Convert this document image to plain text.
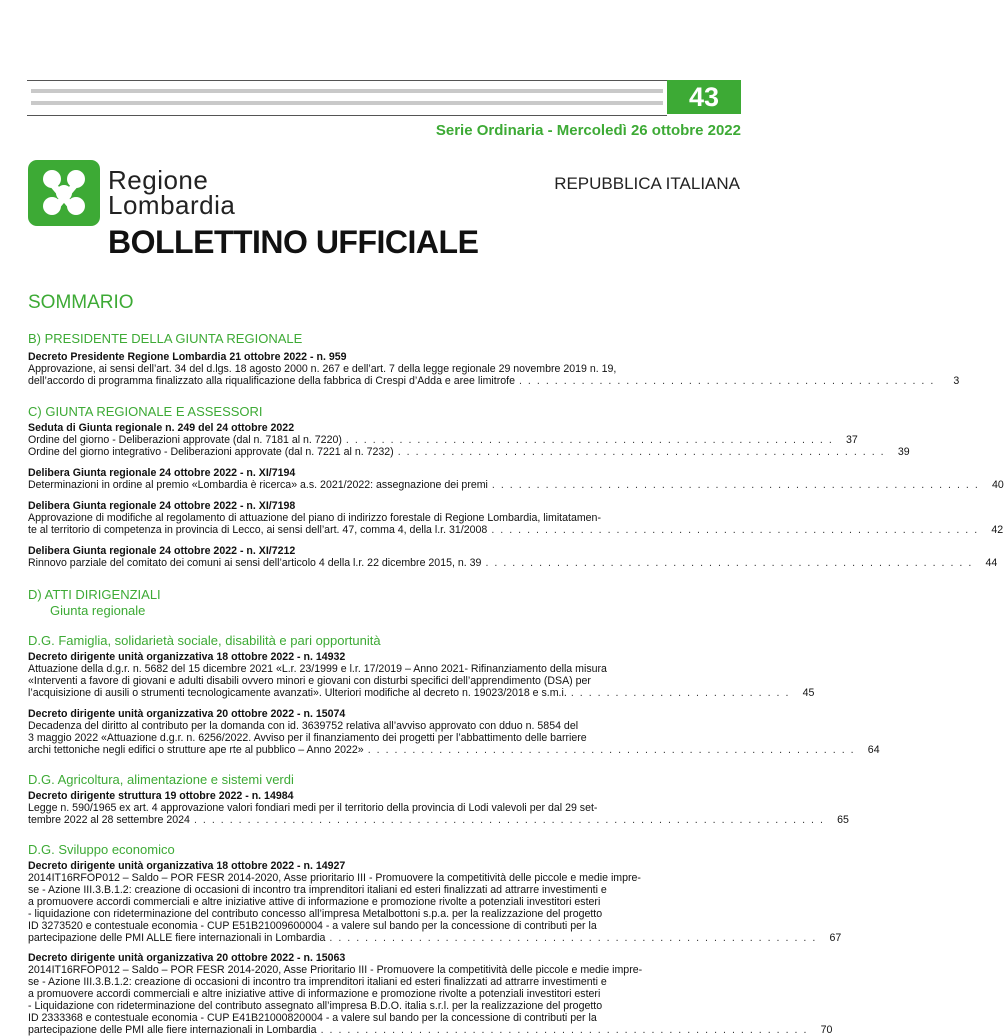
43
Serie Ordinaria - Mercoledì 26 ottobre 2022
Regione
Lombardia
REPUBBLICA ITALIANA
BOLLETTINO UFFICIALE
SOMMARIO
B) PRESIDENTE DELLA GIUNTA REGIONALE
Decreto Presidente Regione Lombardia 21 ottobre 2022 - n. 959
Approvazione, ai sensi dell’art. 34 del d.lgs. 18 agosto 2000 n. 267 e dell’art. 7 della legge regionale 29 novembre 2019 n. 19,
dell’accordo di programma finalizzato alla riqualificazione della fabbrica di Crespi d’Adda e aree limitrofe ...............................................	3
C) GIUNTA REGIONALE E ASSESSORI
Seduta di Giunta regionale n. 249 del 24 ottobre 2022
Ordine del giorno - Deliberazioni approvate (dal n. 7181 al n. 7220) ....................................................... 37
Ordine del giorno integrativo - Deliberazioni approvate (dal n. 7221 al n. 7232) ....................................................... 39
Delibera Giunta regionale 24 ottobre 2022 - n. XI/7194
Determinazioni in ordine al premio «Lombardia è ricerca» a.s. 2021/2022: assegnazione dei premi ....................................................... 40
Delibera Giunta regionale 24 ottobre 2022 - n. XI/7198
Approvazione di modifiche al regolamento di attuazione del piano di indirizzo forestale di Regione Lombardia, limitatamen-
te al territorio di competenza in provincia di Lecco, ai sensi dell’art. 47, comma 4, della l.r. 31/2008 ....................................................... 42
Delibera Giunta regionale 24 ottobre 2022 - n. XI/7212
Rinnovo parziale del comitato dei comuni ai sensi dell’articolo 4 della l.r. 22 dicembre 2015, n. 39 ....................................................... 44
D) ATTI DIRIGENZIALI
Giunta regionale
D.G. Famiglia, solidarietà sociale, disabilità e pari opportunità
Decreto dirigente unità organizzativa 18 ottobre 2022 - n. 14932
Attuazione della d.g.r. n. 5682 del 15 dicembre 2021 «L.r. 23/1999 e l.r. 17/2019 – Anno 2021- Rifinanziamento della misura
«Interventi a favore di giovani e adulti disabili ovvero minori e giovani con disturbi specifici dell’apprendimento (DSA) per
l’acquisizione di ausili o strumenti tecnologicamente avanzati». Ulteriori modifiche al decreto n. 19023/2018 e s.m.i. ......................... 45
Decreto dirigente unità organizzativa 20 ottobre 2022 - n. 15074
Decadenza del diritto al contributo per la domanda con id. 3639752 relativa all’avviso approvato con dduo n. 5854 del
3 maggio 2022 «Attuazione d.g.r. n. 6256/2022. Avviso per il finanziamento dei progetti per l’abbattimento delle barriere
archi tettoniche negli edifici o strutture ape rte al pubblico – Anno 2022» ....................................................... 64
D.G. Agricoltura, alimentazione e sistemi verdi
Decreto dirigente struttura 19 ottobre 2022 - n. 14984
Legge n. 590/1965 ex art. 4 approvazione valori fondiari medi per il territorio della provincia di Lodi valevoli per dal 29 set-
tembre 2022 al 28 settembre 2024 ....................................................................... 65
D.G. Sviluppo economico
Decreto dirigente unità organizzativa 18 ottobre 2022 - n. 14927
2014IT16RFOP012 – Saldo – POR FESR 2014-2020, Asse prioritario III - Promuovere la competitività delle piccole e medie impre-
se - Azione III.3.B.1.2: creazione di occasioni di incontro tra imprenditori italiani ed esteri finalizzati ad attrarre investimenti e
a promuovere accordi commerciali e altre iniziative attive di informazione e promozione rivolte a potenziali investitori esteri
- liquidazione con rideterminazione del contributo concesso all’impresa Metalbottoni s.p.a. per la realizzazione del progetto
ID 3273520 e contestuale economia - CUP E51B21009600004 - a valere sul bando per la concessione di contributi per la
partecipazione delle PMI ALLE fiere internazionali in Lombardia ....................................................... 67
Decreto dirigente unità organizzativa 20 ottobre 2022 - n. 15063
2014IT16RFOP012 – Saldo – POR FESR 2014-2020, Asse Prioritario III - Promuovere la competitività delle piccole e medie impre-
se - Azione III.3.B.1.2: creazione di occasioni di incontro tra imprenditori italiani ed esteri finalizzati ad attrarre investimenti e
a promuovere accordi commerciali e altre iniziative attive di informazione e promozione rivolte a potenziali investitori esteri
- Liquidazione con rideterminazione del contributo assegnato all’impresa B.D.O. italia s.r.l. per la realizzazione del progetto
ID 2333368 e contestuale economia - CUP E41B21000820004 - a valere sul bando per la concessione di contributi per la
partecipazione delle PMI alle fiere internazionali in Lombardia ....................................................... 70
